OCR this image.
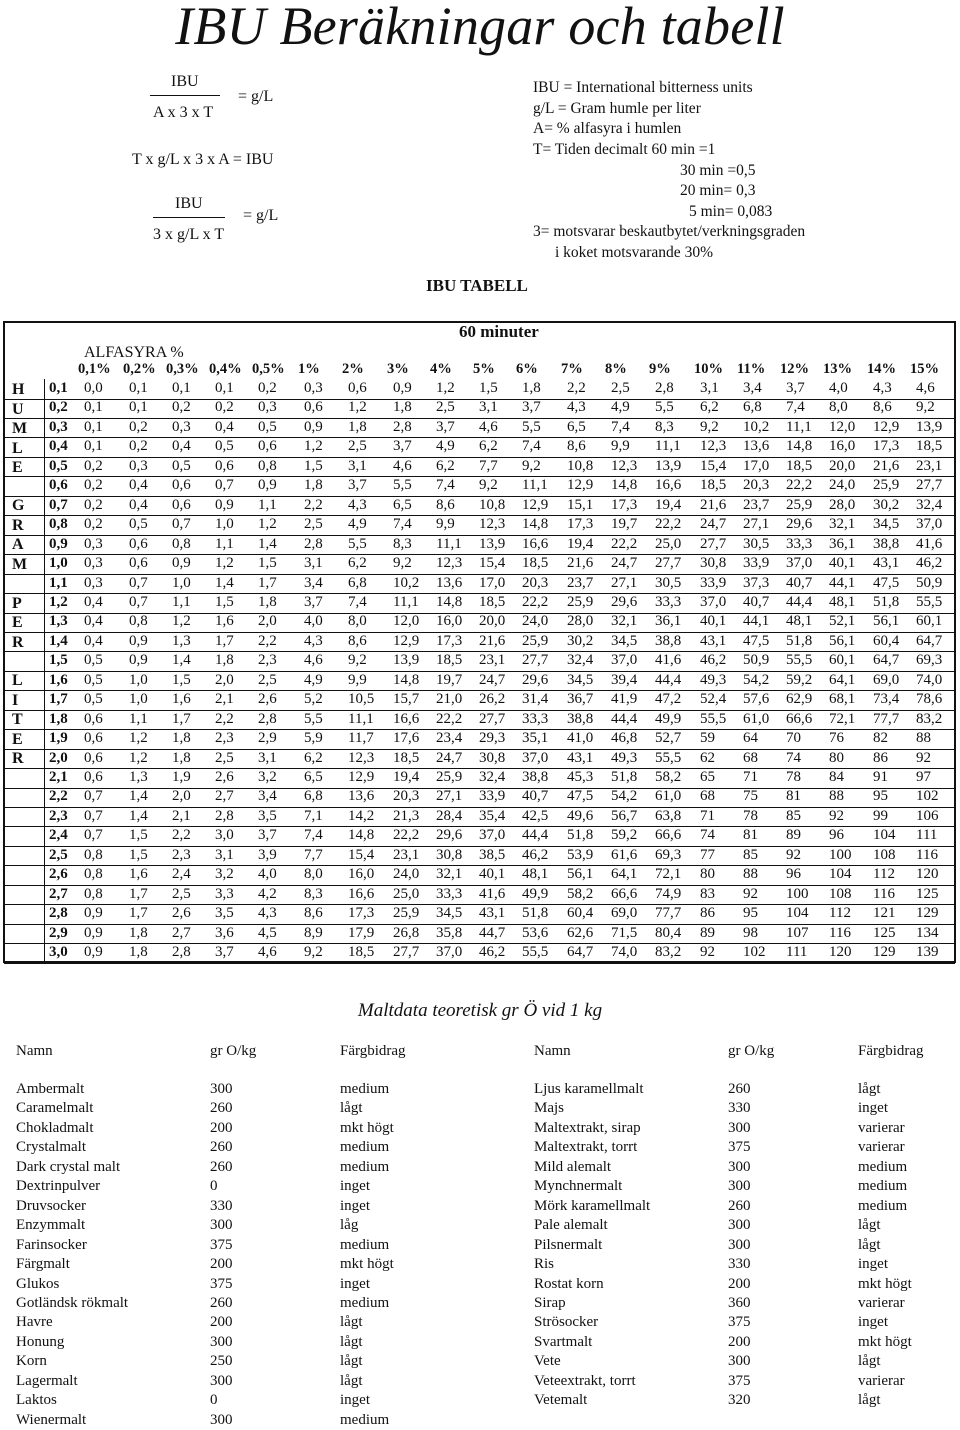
IBU Beräkningar och tabell
IBU
A x 3 x T
= g/L
T x g/L x 3 x A = IBU
IBU
3 x g/L x T
= g/L
IBU = International bitterness units
g/L = Gram humle per liter
A= % alfasyra i humlen
T= Tiden decimalt 60 min =1
30 min =0,5
20 min= 0,3
5 min= 0,083
3= motsvarar beskautbytet/verkningsgraden
i koket motsvarande 30%
IBU TABELL
60 minuter
ALFASYRA %
0,1% 0,2% 0,3% 0,4% 0,5% 1% 2% 3% 4% 5% 6% 7% 8% 9% 10% 11% 12% 13% 14% 15%
0,1 0,0 0,1 0,1 0,1 0,2 0,3 0,6 0,9 1,2 1,5 1,8 2,2 2,5 2,8 3,1 3,4 3,7 4,0 4,3 4,6
0,2 0,1 0,1 0,2 0,2 0,3 0,6 1,2 1,8 2,5 3,1 3,7 4,3 4,9 5,5 6,2 6,8 7,4 8,0 8,6 9,2
0,3 0,1 0,2 0,3 0,4 0,5 0,9 1,8 2,8 3,7 4,6 5,5 6,5 7,4 8,3 9,2 10,2 11,1 12,0 12,9 13,9
0,4 0,1 0,2 0,4 0,5 0,6 1,2 2,5 3,7 4,9 6,2 7,4 8,6 9,9 11,1 12,3 13,6 14,8 16,0 17,3 18,5
0,5 0,2 0,3 0,5 0,6 0,8 1,5 3,1 4,6 6,2 7,7 9,2 10,8 12,3 13,9 15,4 17,0 18,5 20,0 21,6 23,1
0,6 0,2 0,4 0,6 0,7 0,9 1,8 3,7 5,5 7,4 9,2 11,1 12,9 14,8 16,6 18,5 20,3 22,2 24,0 25,9 27,7
0,7 0,2 0,4 0,6 0,9 1,1 2,2 4,3 6,5 8,6 10,8 12,9 15,1 17,3 19,4 21,6 23,7 25,9 28,0 30,2 32,4
0,8 0,2 0,5 0,7 1,0 1,2 2,5 4,9 7,4 9,9 12,3 14,8 17,3 19,7 22,2 24,7 27,1 29,6 32,1 34,5 37,0
0,9 0,3 0,6 0,8 1,1 1,4 2,8 5,5 8,3 11,1 13,9 16,6 19,4 22,2 25,0 27,7 30,5 33,3 36,1 38,8 41,6
1,0 0,3 0,6 0,9 1,2 1,5 3,1 6,2 9,2 12,3 15,4 18,5 21,6 24,7 27,7 30,8 33,9 37,0 40,1 43,1 46,2
1,1 0,3 0,7 1,0 1,4 1,7 3,4 6,8 10,2 13,6 17,0 20,3 23,7 27,1 30,5 33,9 37,3 40,7 44,1 47,5 50,9
1,2 0,4 0,7 1,1 1,5 1,8 3,7 7,4 11,1 14,8 18,5 22,2 25,9 29,6 33,3 37,0 40,7 44,4 48,1 51,8 55,5
1,3 0,4 0,8 1,2 1,6 2,0 4,0 8,0 12,0 16,0 20,0 24,0 28,0 32,1 36,1 40,1 44,1 48,1 52,1 56,1 60,1
1,4 0,4 0,9 1,3 1,7 2,2 4,3 8,6 12,9 17,3 21,6 25,9 30,2 34,5 38,8 43,1 47,5 51,8 56,1 60,4 64,7
1,5 0,5 0,9 1,4 1,8 2,3 4,6 9,2 13,9 18,5 23,1 27,7 32,4 37,0 41,6 46,2 50,9 55,5 60,1 64,7 69,3
1,6 0,5 1,0 1,5 2,0 2,5 4,9 9,9 14,8 19,7 24,7 29,6 34,5 39,4 44,4 49,3 54,2 59,2 64,1 69,0 74,0
1,7 0,5 1,0 1,6 2,1 2,6 5,2 10,5 15,7 21,0 26,2 31,4 36,7 41,9 47,2 52,4 57,6 62,9 68,1 73,4 78,6
1,8 0,6 1,1 1,7 2,2 2,8 5,5 11,1 16,6 22,2 27,7 33,3 38,8 44,4 49,9 55,5 61,0 66,6 72,1 77,7 83,2
1,9 0,6 1,2 1,8 2,3 2,9 5,9 11,7 17,6 23,4 29,3 35,1 41,0 46,8 52,7 59 64 70 76 82 88
2,0 0,6 1,2 1,8 2,5 3,1 6,2 12,3 18,5 24,7 30,8 37,0 43,1 49,3 55,5 62 68 74 80 86 92
2,1 0,6 1,3 1,9 2,6 3,2 6,5 12,9 19,4 25,9 32,4 38,8 45,3 51,8 58,2 65 71 78 84 91 97
2,2 0,7 1,4 2,0 2,7 3,4 6,8 13,6 20,3 27,1 33,9 40,7 47,5 54,2 61,0 68 75 81 88 95 102
2,3 0,7 1,4 2,1 2,8 3,5 7,1 14,2 21,3 28,4 35,4 42,5 49,6 56,7 63,8 71 78 85 92 99 106
2,4 0,7 1,5 2,2 3,0 3,7 7,4 14,8 22,2 29,6 37,0 44,4 51,8 59,2 66,6 74 81 89 96 104 111
2,5 0,8 1,5 2,3 3,1 3,9 7,7 15,4 23,1 30,8 38,5 46,2 53,9 61,6 69,3 77 85 92 100 108 116
2,6 0,8 1,6 2,4 3,2 4,0 8,0 16,0 24,0 32,1 40,1 48,1 56,1 64,1 72,1 80 88 96 104 112 120
2,7 0,8 1,7 2,5 3,3 4,2 8,3 16,6 25,0 33,3 41,6 49,9 58,2 66,6 74,9 83 92 100 108 116 125
2,8 0,9 1,7 2,6 3,5 4,3 8,6 17,3 25,9 34,5 43,1 51,8 60,4 69,0 77,7 86 95 104 112 121 129
2,9 0,9 1,8 2,7 3,6 4,5 8,9 17,9 26,8 35,8 44,7 53,6 62,6 71,5 80,4 89 98 107 116 125 134
3,0 0,9 1,8 2,8 3,7 4,6 9,2 18,5 27,7 37,0 46,2 55,5 64,7 74,0 83,2 92 102 111 120 129 139
H
U
M
L
E
G
R
A
M
P
E
R
L
I
T
E
R
Maltdata teoretisk gr Ö vid 1 kg
Namn	gr O/kg	Färgbidrag	Namn	gr O/kg	Färgbidrag
Ambermalt	300	medium
Caramelmalt	260	lågt
Chokladmalt	200	mkt högt
Crystalmalt	260	medium
Dark crystal malt	260	medium
Dextrinpulver	0	inget
Druvsocker	330	inget
Enzymmalt	300	låg
Farinsocker	375	medium
Färgmalt	200	mkt högt
Glukos	375	inget
Gotländsk rökmalt	260	medium
Havre	200	lågt
Honung	300	lågt
Korn	250	lågt
Lagermalt	300	lågt
Laktos	0	inget
Wienermalt	300	medium
Ljus karamellmalt	260	lågt
Majs	330	inget
Maltextrakt, sirap	300	varierar
Maltextrakt, torrt	375	varierar
Mild alemalt	300	medium
Mynchnermalt	300	medium
Mörk karamellmalt	260	medium
Pale alemalt	300	lågt
Pilsnermalt	300	lågt
Ris	330	inget
Rostat korn	200	mkt högt
Sirap	360	varierar
Strösocker	375	inget
Svartmalt	200	mkt högt
Vete	300	lågt
Veteextrakt, torrt	375	varierar
Vetemalt	320	lågt
